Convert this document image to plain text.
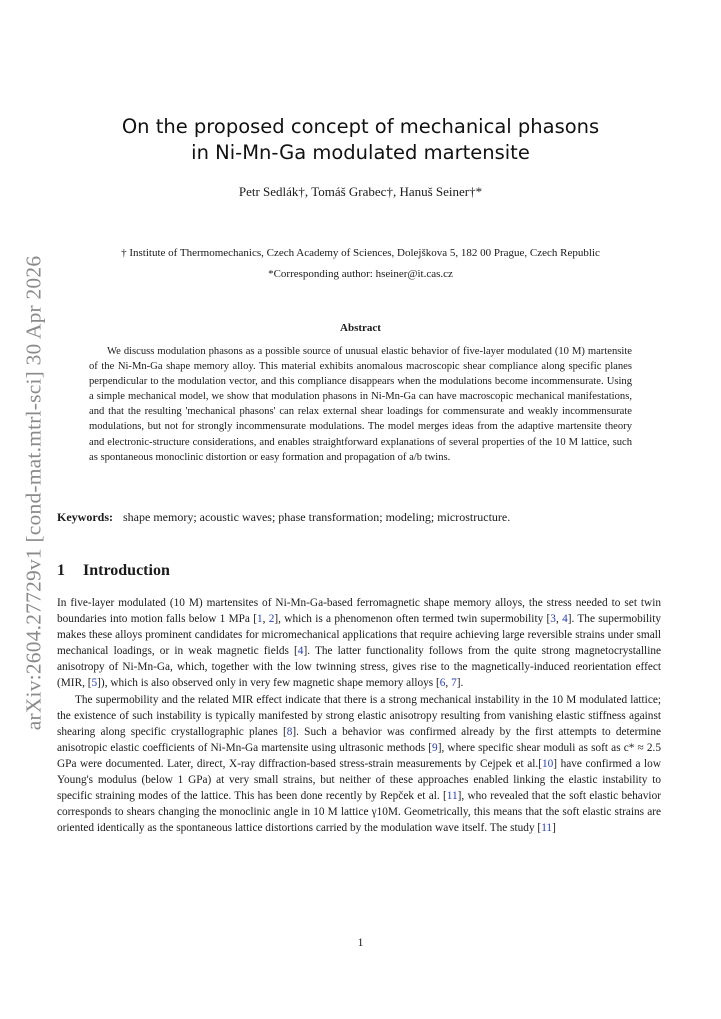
arXiv:2604.27729v1 [cond-mat.mtrl-sci] 30 Apr 2026
On the proposed concept of mechanical phasons
in Ni-Mn-Ga modulated martensite
Petr Sedlák†, Tomáš Grabec†, Hanuš Seiner†*
† Institute of Thermomechanics, Czech Academy of Sciences, Dolejškova 5, 182 00 Prague, Czech Republic
*Corresponding author: hseiner@it.cas.cz
Abstract

We discuss modulation phasons as a possible source of unusual elastic behavior of five-layer modulated (10 M) martensite of the Ni-Mn-Ga shape memory alloy. This material exhibits anomalous macroscopic shear compliance along specific planes perpendicular to the modulation vector, and this compliance disappears when the modulations become incommensurate. Using a simple mechanical model, we show that modulation phasons in Ni-Mn-Ga can have macroscopic mechanical manifestations, and that the resulting 'mechanical phasons' can relax external shear loadings for commensurate and weakly incommensurate modulations, but not for strongly incommensurate modulations. The model merges ideas from the adaptive martensite theory and electronic-structure considerations, and enables straightforward explanations of several properties of the 10 M lattice, such as spontaneous monoclinic distortion or easy formation and propagation of a/b twins.

Keywords: shape memory; acoustic waves; phase transformation; modeling; microstructure.
1 Introduction

In five-layer modulated (10 M) martensites of Ni-Mn-Ga-based ferromagnetic shape memory alloys, the stress needed to set twin boundaries into motion falls below 1 MPa [1, 2], which is a phenomenon often termed twin supermobility [3, 4]. The supermobility makes these alloys prominent candidates for micromechanical applications that require achieving large reversible strains under small mechanical loadings, or in weak magnetic fields [4]. The latter functionality follows from the quite strong magnetocrystalline anisotropy of Ni-Mn-Ga, which, together with the low twinning stress, gives rise to the magnetically-induced reorientation effect (MIR, [5]), which is also observed only in very few magnetic shape memory alloys [6, 7].

The supermobility and the related MIR effect indicate that there is a strong mechanical instability in the 10 M modulated lattice; the existence of such instability is typically manifested by strong elastic anisotropy resulting from vanishing elastic stiffness against shearing along specific crystallographic planes [8]. Such a behavior was confirmed already by the first attempts to determine anisotropic elastic coefficients of Ni-Mn-Ga martensite using ultrasonic methods [9], where specific shear moduli as soft as c* ≈ 2.5 GPa were documented. Later, direct, X-ray diffraction-based stress-strain measurements by Cejpek et al.[10] have confirmed a low Young's modulus (below 1 GPa) at very small strains, but neither of these approaches enabled linking the elastic instability to specific straining modes of the lattice. This has been done recently by Repček et al. [11], who revealed that the soft elastic behavior corresponds to shears changing the monoclinic angle in 10 M lattice γ10M. Geometrically, this means that the soft elastic strains are oriented identically as the spontaneous lattice distortions carried by the modulation wave itself. The study [11]

1
